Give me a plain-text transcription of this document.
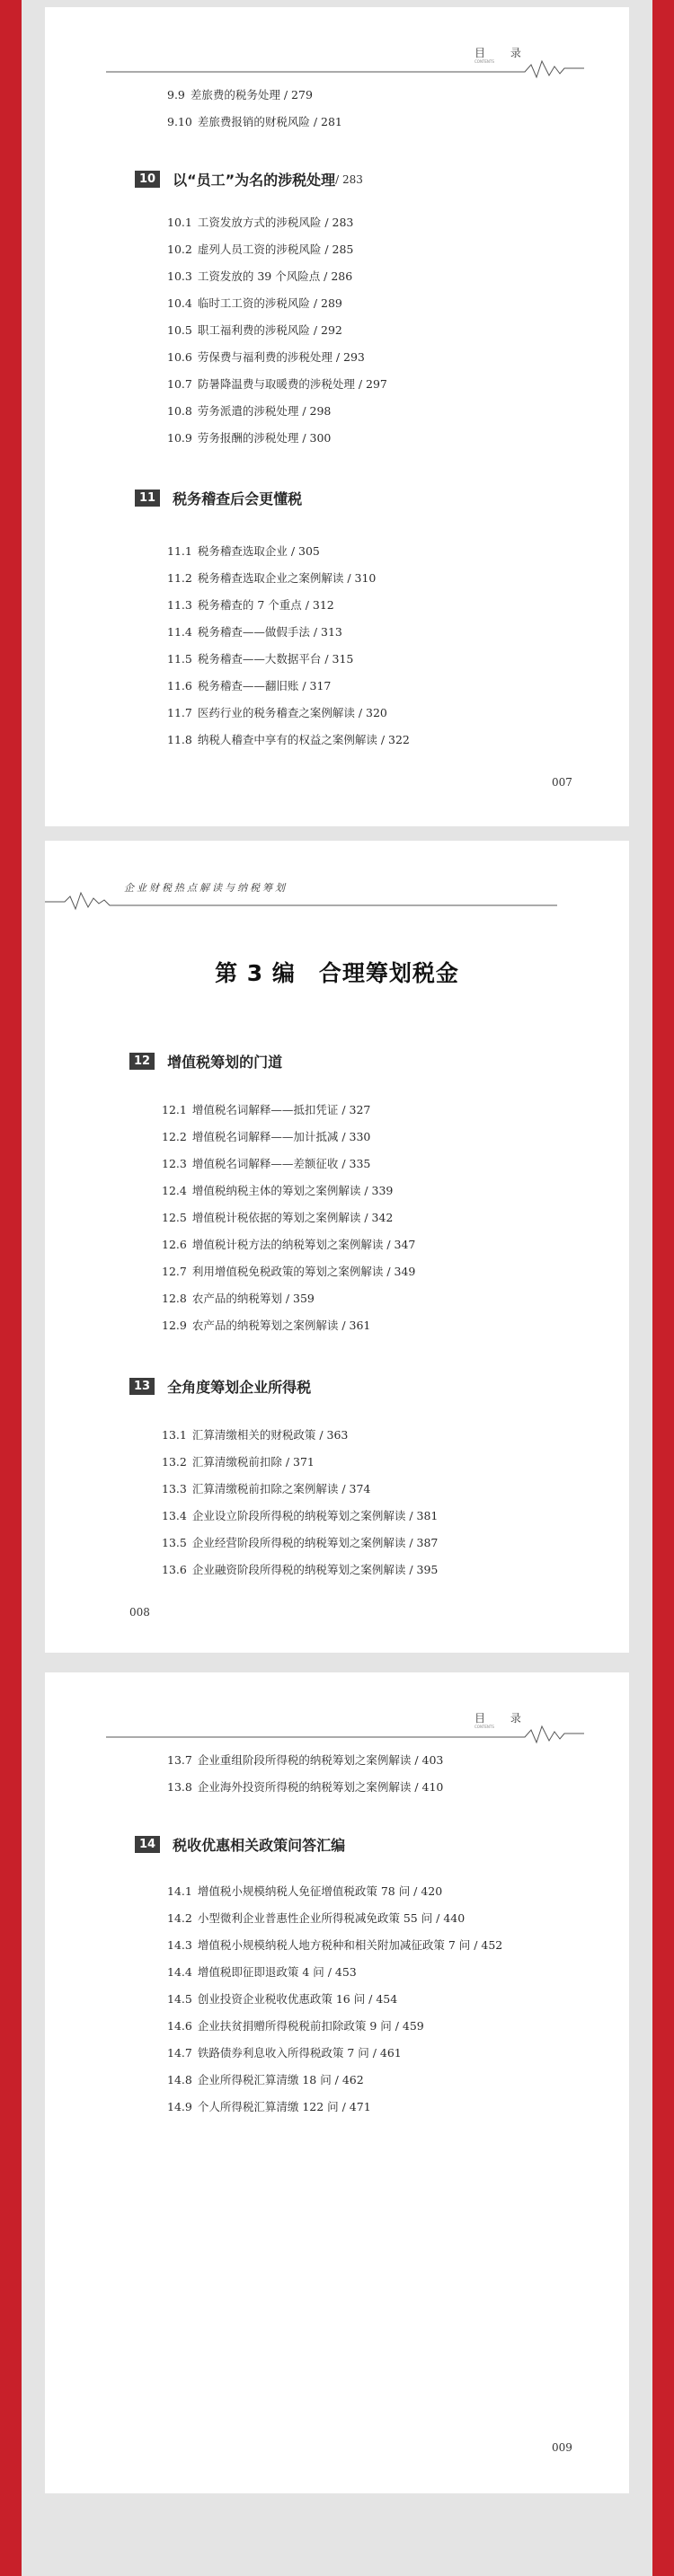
目 录
CONTENTS
9.9 差旅费的税务处理 / 279
9.10 差旅费报销的财税风险 / 281
10	以“员工”为名的涉税处理 / 283
10.1 工资发放方式的涉税风险 / 283
10.2 虚列人员工资的涉税风险 / 285
10.3 工资发放的 39 个风险点 / 286
10.4 临时工工资的涉税风险 / 289
10.5 职工福利费的涉税风险 / 292
10.6 劳保费与福利费的涉税处理 / 293
10.7 防暑降温费与取暖费的涉税处理 / 297
10.8 劳务派遣的涉税处理 / 298
10.9 劳务报酬的涉税处理 / 300
11	税务稽查后会更懂税
11.1 税务稽查选取企业 / 305
11.2 税务稽查选取企业之案例解读 / 310
11.3 税务稽查的 7 个重点 / 312
11.4 税务稽查——做假手法 / 313
11.5 税务稽查——大数据平台 / 315
11.6 税务稽查——翻旧账 / 317
11.7 医药行业的税务稽查之案例解读 / 320
11.8 纳税人稽查中享有的权益之案例解读 / 322
007
企业财税热点解读与纳税筹划
第 3 编　合理筹划税金
12	增值税筹划的门道
12.1 增值税名词解释——抵扣凭证 / 327
12.2 增值税名词解释——加计抵减 / 330
12.3 增值税名词解释——差额征收 / 335
12.4 增值税纳税主体的筹划之案例解读 / 339
12.5 增值税计税依据的筹划之案例解读 / 342
12.6 增值税计税方法的纳税筹划之案例解读 / 347
12.7 利用增值税免税政策的筹划之案例解读 / 349
12.8 农产品的纳税筹划 / 359
12.9 农产品的纳税筹划之案例解读 / 361
13	全角度筹划企业所得税
13.1 汇算清缴相关的财税政策 / 363
13.2 汇算清缴税前扣除 / 371
13.3 汇算清缴税前扣除之案例解读 / 374
13.4 企业设立阶段所得税的纳税筹划之案例解读 / 381
13.5 企业经营阶段所得税的纳税筹划之案例解读 / 387
13.6 企业融资阶段所得税的纳税筹划之案例解读 / 395
008
目 录
CONTENTS
13.7 企业重组阶段所得税的纳税筹划之案例解读 / 403
13.8 企业海外投资所得税的纳税筹划之案例解读 / 410
14	税收优惠相关政策问答汇编
14.1 增值税小规模纳税人免征增值税政策 78 问 / 420
14.2 小型微利企业普惠性企业所得税减免政策 55 问 / 440
14.3 增值税小规模纳税人地方税种和相关附加减征政策 7 问 / 452
14.4 增值税即征即退政策 4 问 / 453
14.5 创业投资企业税收优惠政策 16 问 / 454
14.6 企业扶贫捐赠所得税税前扣除政策 9 问 / 459
14.7 铁路债券利息收入所得税政策 7 问 / 461
14.8 企业所得税汇算清缴 18 问 / 462
14.9 个人所得税汇算清缴 122 问 / 471
009
